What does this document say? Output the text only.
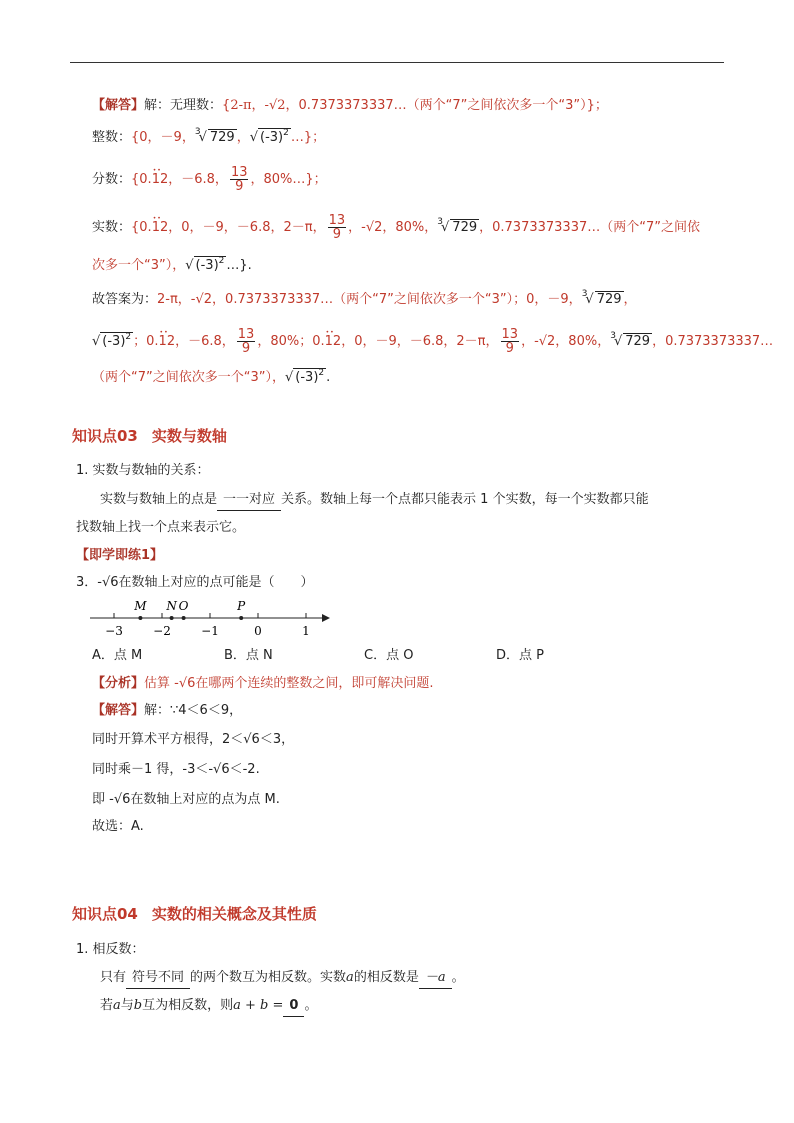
【解答】解：无理数：{2-π，-√2，0.7373373337…（两个“7”之间依次多一个“3”）}；
整数：{0，－9，$^3$√ 729 ，√ $(-3)^2$ …}；
分数：{0.•• 12，－6.8， $\frac{13}{9}$ ，80%…}；
实数：{0.•• 12，0，－9，－6.8，2－π， $\frac{13}{9}$ ，-√2，80%，$^3$√ 729 ，0.7373373337…（两个“7”之间依
次多一个“3”），√ $(-3)^2$ …}.
故答案为：2-π，-√2，0.7373373337…（两个“7”之间依次多一个“3”）；0，－9，$^3$√ 729 ，
√ $(-3)^2$ ；0.•• 12，－6.8， $\frac{13}{9}$ ，80%；0.•• 12，0，－9，－6.8，2－π， $\frac{13}{9}$ ，-√2，80%，$^3$√ 729 ，0.7373373337…
（两个“7”之间依次多一个“3”），√ $(-3)^2$ .
知识点03 实数与数轴
1. 实数与数轴的关系：
实数与数轴上的点是 一一对应 关系。数轴上每一个点都只能表示 1 个实数，每一个实数都只能
找数轴上找一个点来表示它。
【即学即练1】
3．-√6在数轴上对应的点可能是（　　）
−3	−2	−1	0	1
M N O	P
A．点 M	B．点 N	C．点 O	D．点 P
【分析】估算 -√6在哪两个连续的整数之间，即可解决问题.
【解答】解：∵4＜6＜9，
同时开算术平方根得，2＜√6＜3，
同时乘－1 得，-3＜-√6＜-2.
即 -√6在数轴上对应的点为点 M.
故选：A.
知识点04 实数的相关概念及其性质
1. 相反数：
只有 符号不同 的两个数互为相反数。实数a的相反数是 －a 。
若a与b互为相反数，则a + b = 0 。
